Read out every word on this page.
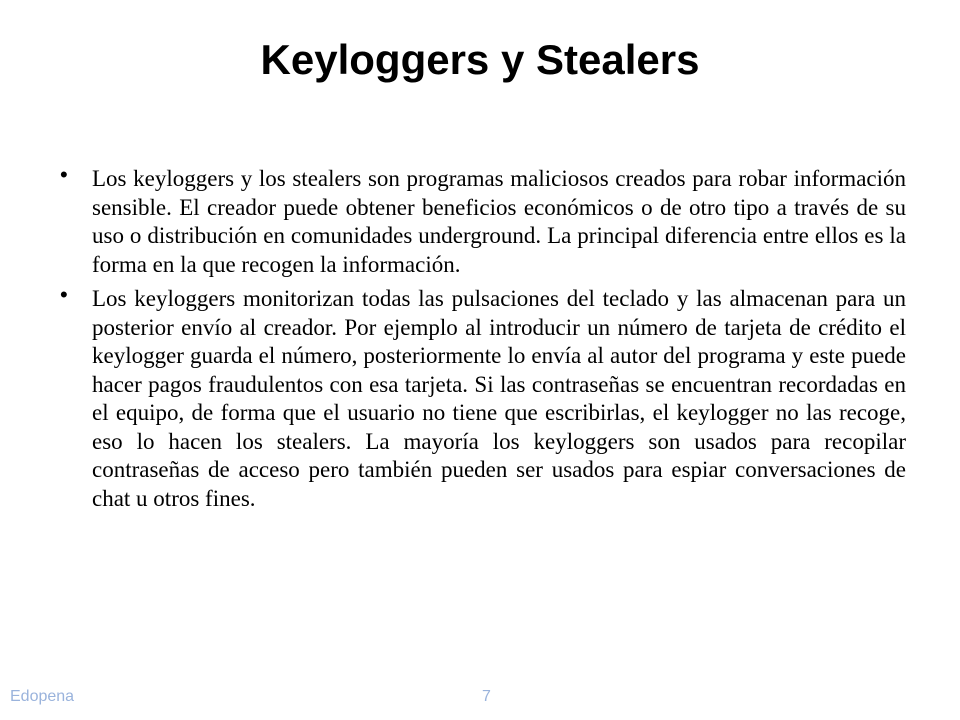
Keyloggers y Stealers
• Los keyloggers y los stealers son programas maliciosos creados para robar información sensible. El creador puede obtener beneficios económicos o de otro tipo a través de su uso o distribución en comunidades underground. La principal diferencia entre ellos es la forma en la que recogen la información.
• Los keyloggers monitorizan todas las pulsaciones del teclado y las almacenan para un posterior envío al creador. Por ejemplo al introducir un número de tarjeta de crédito el keylogger guarda el número, posteriormente lo envía al autor del programa y este puede hacer pagos fraudulentos con esa tarjeta. Si las contraseñas se encuentran recordadas en el equipo, de forma que el usuario no tiene que escribirlas, el keylogger no las recoge, eso lo hacen los stealers. La mayoría los keyloggers son usados para recopilar contraseñas de acceso pero también pueden ser usados para espiar conversaciones de chat u otros fines.
Edopena	7
